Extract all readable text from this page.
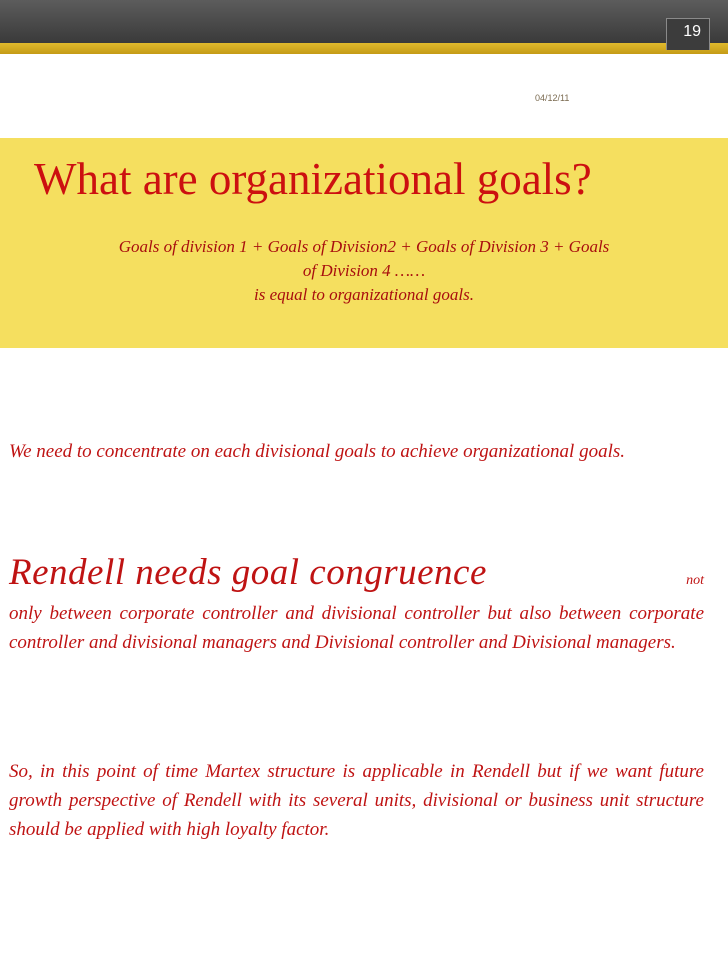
19
04/12/11
What are organizational goals?

Goals of division 1 + Goals of Division2 + Goals of Division 3 + Goals
of Division 4 ……
is equal to organizational goals.

We need to concentrate on each divisional goals to achieve organizational goals.

Rendell needs goal congruence	not
only between corporate controller and divisional controller but also between corporate controller and divisional managers and Divisional controller and Divisional managers.

So, in this point of time Martex structure is applicable in Rendell but if we want future growth perspective of Rendell with its several units, divisional or business unit structure should be applied with high loyalty factor.
